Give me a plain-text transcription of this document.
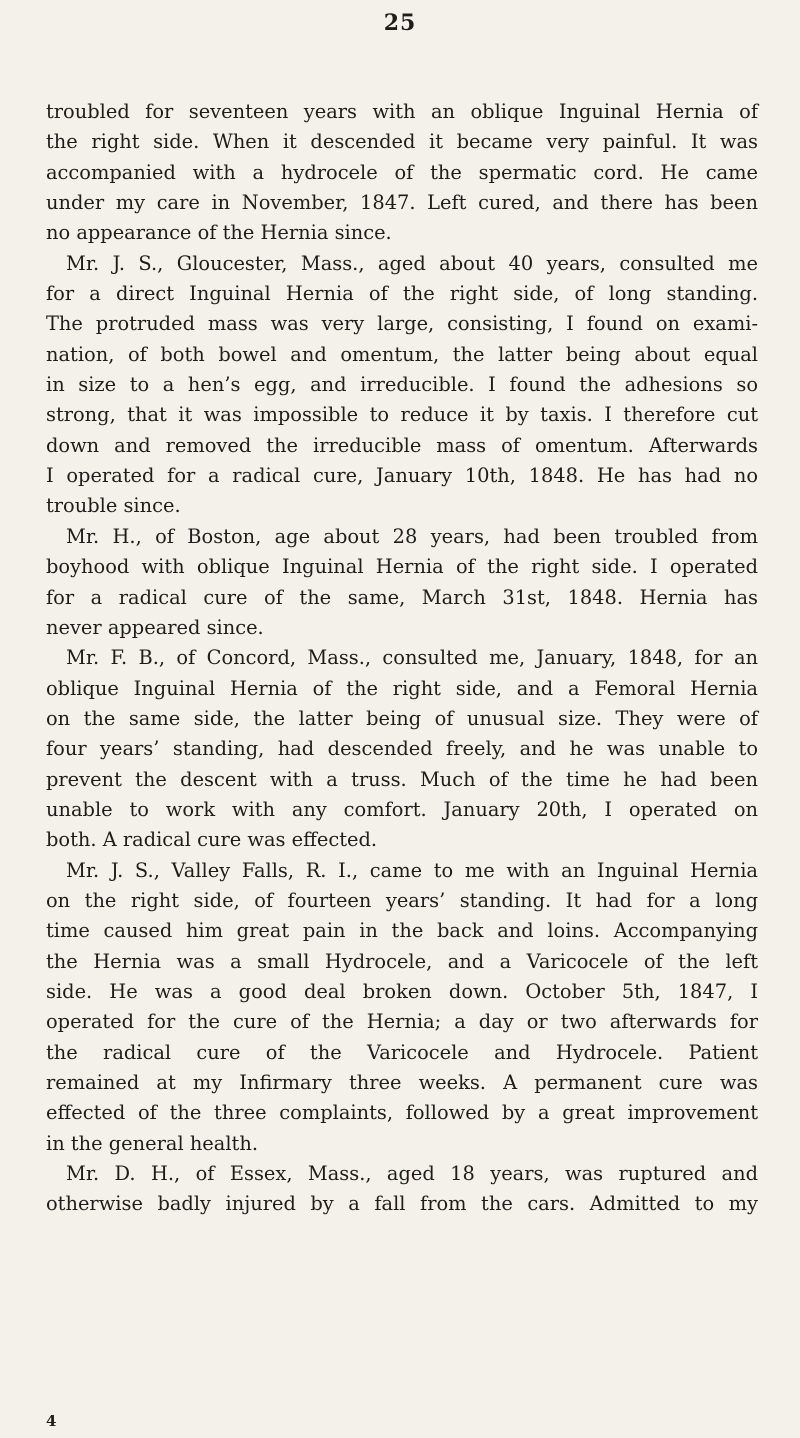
25
troubled for seventeen years with an oblique Inguinal Hernia of
the right side. When it descended it became very painful. It was
accompanied with a hydrocele of the spermatic cord. He came
under my care in November, 1847. Left cured, and there has been
no appearance of the Hernia since.
Mr. J. S., Gloucester, Mass., aged about 40 years, consulted me
for a direct Inguinal Hernia of the right side, of long standing.
The protruded mass was very large, consisting, I found on exami-
nation, of both bowel and omentum, the latter being about equal
in size to a hen’s egg, and irreducible. I found the adhesions so
strong, that it was impossible to reduce it by taxis. I therefore cut
down and removed the irreducible mass of omentum. Afterwards
I operated for a radical cure, January 10th, 1848. He has had no
trouble since.
Mr. H., of Boston, age about 28 years, had been troubled from
boyhood with oblique Inguinal Hernia of the right side. I operated
for a radical cure of the same, March 31st, 1848. Hernia has
never appeared since.
Mr. F. B., of Concord, Mass., consulted me, January, 1848, for an
oblique Inguinal Hernia of the right side, and a Femoral Hernia
on the same side, the latter being of unusual size. They were of
four years’ standing, had descended freely, and he was unable to
prevent the descent with a truss. Much of the time he had been
unable to work with any comfort. January 20th, I operated on
both. A radical cure was effected.
Mr. J. S., Valley Falls, R. I., came to me with an Inguinal Hernia
on the right side, of fourteen years’ standing. It had for a long
time caused him great pain in the back and loins. Accompanying
the Hernia was a small Hydrocele, and a Varicocele of the left
side. He was a good deal broken down. October 5th, 1847, I
operated for the cure of the Hernia; a day or two afterwards for
the radical cure of the Varicocele and Hydrocele. Patient
remained at my Infirmary three weeks. A permanent cure was
effected of the three complaints, followed by a great improvement
in the general health.
Mr. D. H., of Essex, Mass., aged 18 years, was ruptured and
otherwise badly injured by a fall from the cars. Admitted to my
4
